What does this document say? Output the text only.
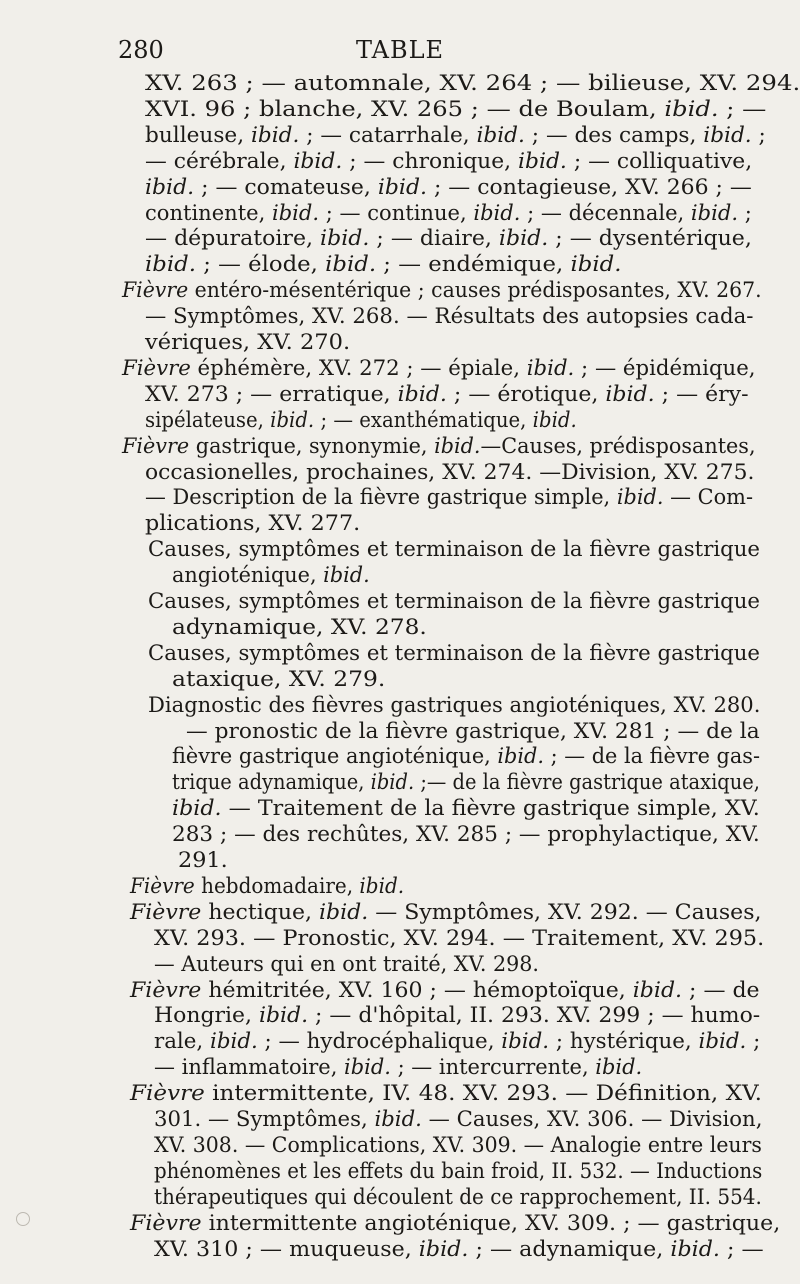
280	TABLE
XV. 263 ; — automnale, XV. 264 ; — bilieuse, XV. 294.
XVI. 96 ; blanche, XV. 265 ; — de Boulam, ibid. ; —
bulleuse, ibid. ; — catarrhale, ibid. ; — des camps, ibid. ;
— cérébrale, ibid. ; — chronique, ibid. ; — colliquative,
ibid. ; — comateuse, ibid. ; — contagieuse, XV. 266 ; —
continente, ibid. ; — continue, ibid. ; — décennale, ibid. ;
— dépuratoire, ibid. ; — diaire, ibid. ; — dysentérique,
ibid. ; — élode, ibid. ; — endémique, ibid.
Fièvre entéro-mésentérique ; causes prédisposantes, XV. 267.
— Symptômes, XV. 268. — Résultats des autopsies cada-
vériques, XV. 270.
Fièvre éphémère, XV. 272 ; — épiale, ibid. ; — épidémique,
XV. 273 ; — erratique, ibid. ; — érotique, ibid. ; — éry-
sipélateuse, ibid. ; — exanthématique, ibid.
Fièvre gastrique, synonymie, ibid.—Causes, prédisposantes,
occasionelles, prochaines, XV. 274. —Division, XV. 275.
— Description de la fièvre gastrique simple, ibid. — Com-
plications, XV. 277.
Causes, symptômes et terminaison de la fièvre gastrique
angioténique, ibid.
Causes, symptômes et terminaison de la fièvre gastrique
adynamique, XV. 278.
Causes, symptômes et terminaison de la fièvre gastrique
ataxique, XV. 279.
Diagnostic des fièvres gastriques angioténiques, XV. 280.
— pronostic de la fièvre gastrique, XV. 281 ; — de la
fièvre gastrique angioténique, ibid. ; — de la fièvre gas-
trique adynamique, ibid. ;— de la fièvre gastrique ataxique,
ibid. — Traitement de la fièvre gastrique simple, XV.
283 ; — des rechûtes, XV. 285 ; — prophylactique, XV.
291.
Fièvre hebdomadaire, ibid.
Fièvre hectique, ibid. — Symptômes, XV. 292. — Causes,
XV. 293. — Pronostic, XV. 294. — Traitement, XV. 295.
— Auteurs qui en ont traité, XV. 298.
Fièvre hémitritée, XV. 160 ; — hémoptoïque, ibid. ; — de
Hongrie, ibid. ; — d'hôpital, II. 293. XV. 299 ; — humo-
rale, ibid. ; — hydrocéphalique, ibid. ; hystérique, ibid. ;
— inflammatoire, ibid. ; — intercurrente, ibid.
Fièvre intermittente, IV. 48. XV. 293. — Définition, XV.
301. — Symptômes, ibid. — Causes, XV. 306. — Division,
XV. 308. — Complications, XV. 309. — Analogie entre leurs
phénomènes et les effets du bain froid, II. 532. — Inductions
thérapeutiques qui découlent de ce rapprochement, II. 554.
Fièvre intermittente angioténique, XV. 309. ; — gastrique,
XV. 310 ; — muqueuse, ibid. ; — adynamique, ibid. ; —
